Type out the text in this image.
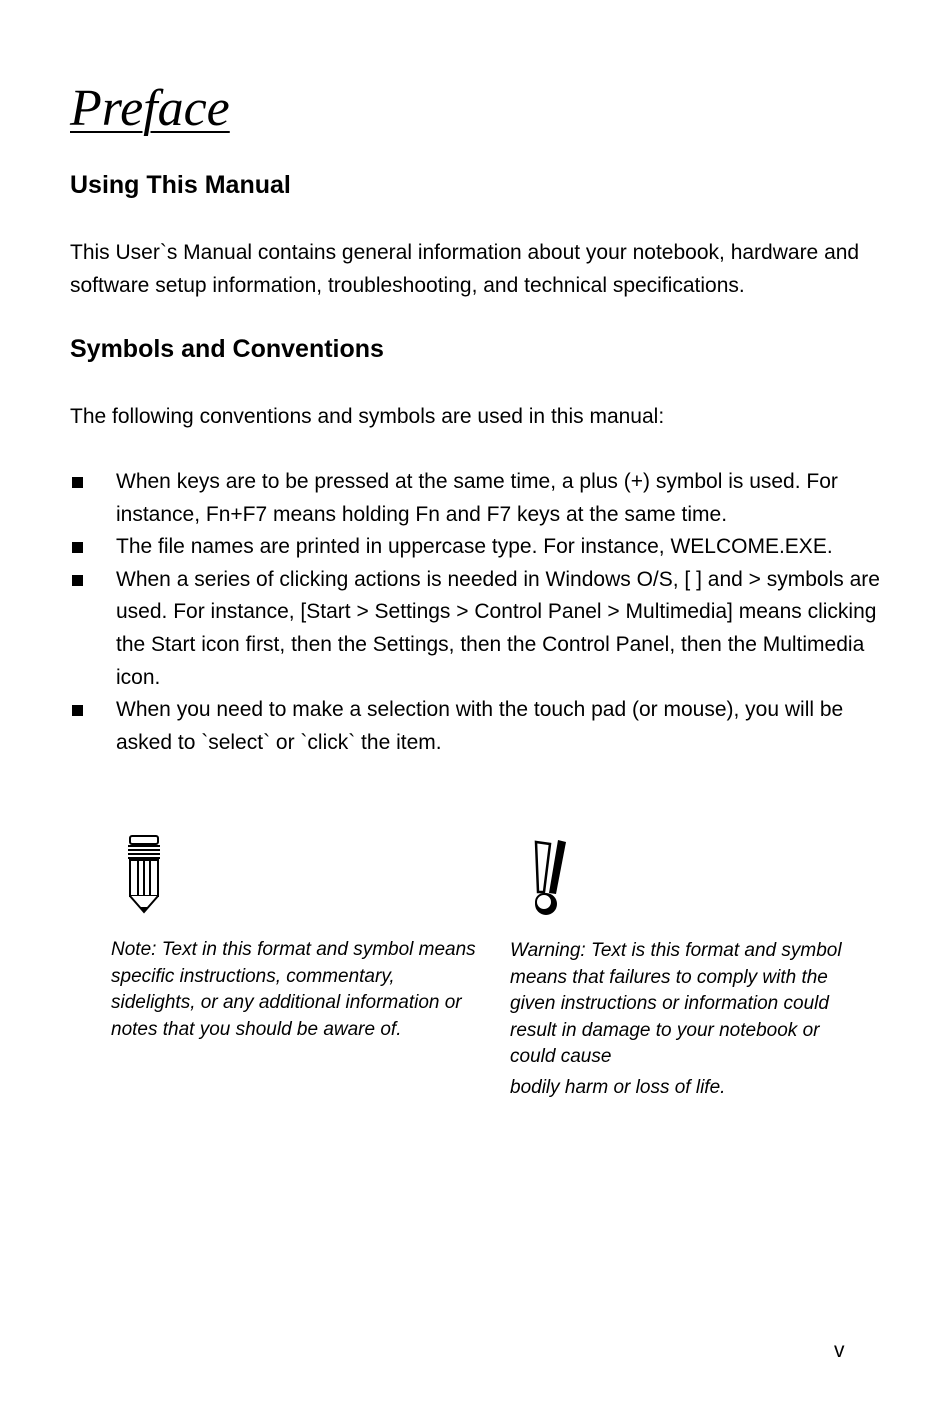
Preface
Using This Manual

This User`s Manual contains general information about your notebook, hardware and software setup information, troubleshooting, and technical specifications.

Symbols and Conventions

The following conventions and symbols are used in this manual:

When keys are to be pressed at the same time, a plus (+) symbol is used. For instance, Fn+F7 means holding Fn and F7 keys at the same time.
The file names are printed in uppercase type. For instance, WELCOME.EXE.
When a series of clicking actions is needed in Windows O/S, [ ] and > symbols are used. For instance, [Start > Settings > Control Panel > Multimedia] means clicking the Start icon first, then the Settings, then the Control Panel, then the Multimedia icon.
When you need to make a selection with the touch pad (or mouse), you will be asked to `select` or `click` the item.

Note: Text in this format and symbol means specific instructions, commentary, sidelights, or any additional information or notes that you should be aware of.

Warning: Text is this format and symbol means that failures to comply with the given instructions or information could result in damage to your notebook or could cause
bodily harm or loss of life.

v
